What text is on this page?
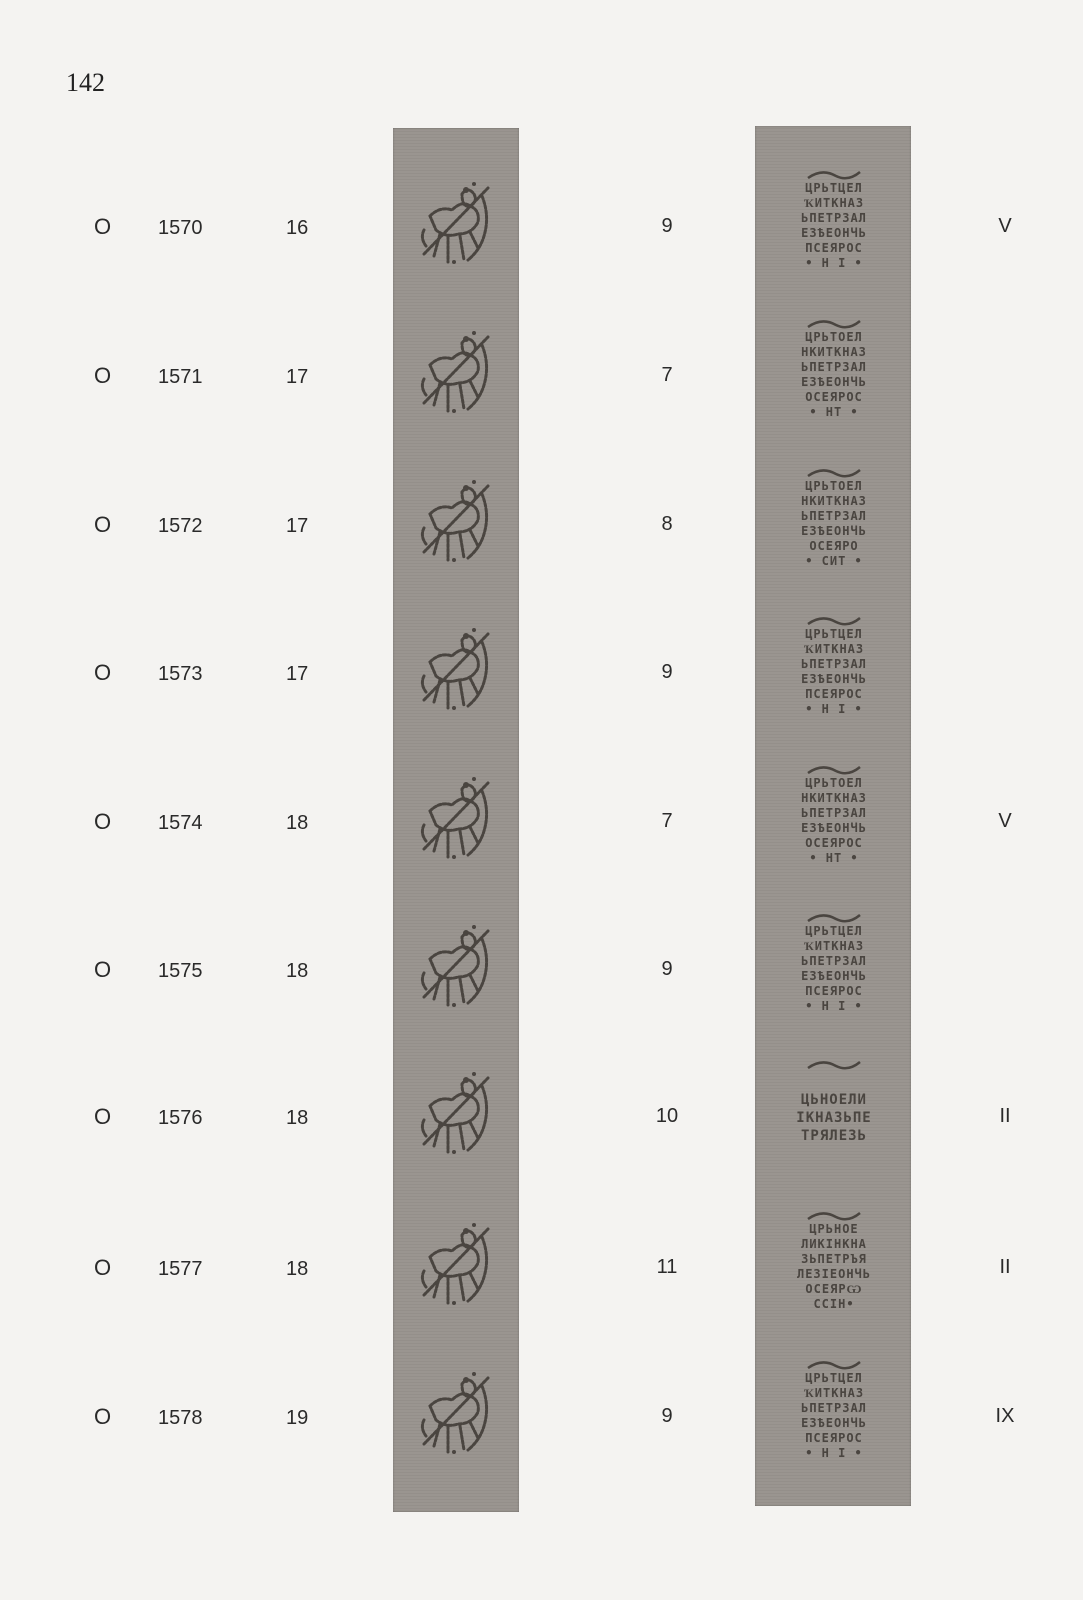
142
О 1570	16	9	V
ЦРЬТЦЕЛ
ҠИТКНАЗ
ЬПЕТРЗАЛ
ЕЗѢЕОНЧЬ
ПСЕЯРОС
• Н І •
О 1571	17	7
ЦРЬТОЕЛ
НКИТКНАЗ
ЬПЕТРЗАЛ
ЕЗѢЕОНЧЬ
ОСЕЯРОС
• НТ •
О 1572	17	8
ЦРЬТОЕЛ
НКИТКНАЗ
ЬПЕТРЗАЛ
ЕЗѢЕОНЧЬ
ОСЕЯРО
• СИТ •
О 1573	17	9
ЦРЬТЦЕЛ
ҠИТКНАЗ
ЬПЕТРЗАЛ
ЕЗѢЕОНЧЬ
ПСЕЯРОС
• Н І •
О 1574	18	7	V
ЦРЬТОЕЛ
НКИТКНАЗ
ЬПЕТРЗАЛ
ЕЗѢЕОНЧЬ
ОСЕЯРОС
• НТ •
О 1575	18	9
ЦРЬТЦЕЛ
ҠИТКНАЗ
ЬПЕТРЗАЛ
ЕЗѢЕОНЧЬ
ПСЕЯРОС
• Н І •
О 1576	18	10	II
ЦЬНОЕЛИ
ІКНАЗЬПЕ
ТРЯЛЕЗЬ
О 1577	18	11	II
ЦРЬНОЕ
ЛИКІНКНА
ЗЬПЕТРЪЯ
ЛЕЗІЕОНЧЬ
ОСЕЯРѠ
ССІН•
О 1578	19	9	IX
ЦРЬТЦЕЛ
ҠИТКНАЗ
ЬПЕТРЗАЛ
ЕЗѢЕОНЧЬ
ПСЕЯРОС
• Н І •
